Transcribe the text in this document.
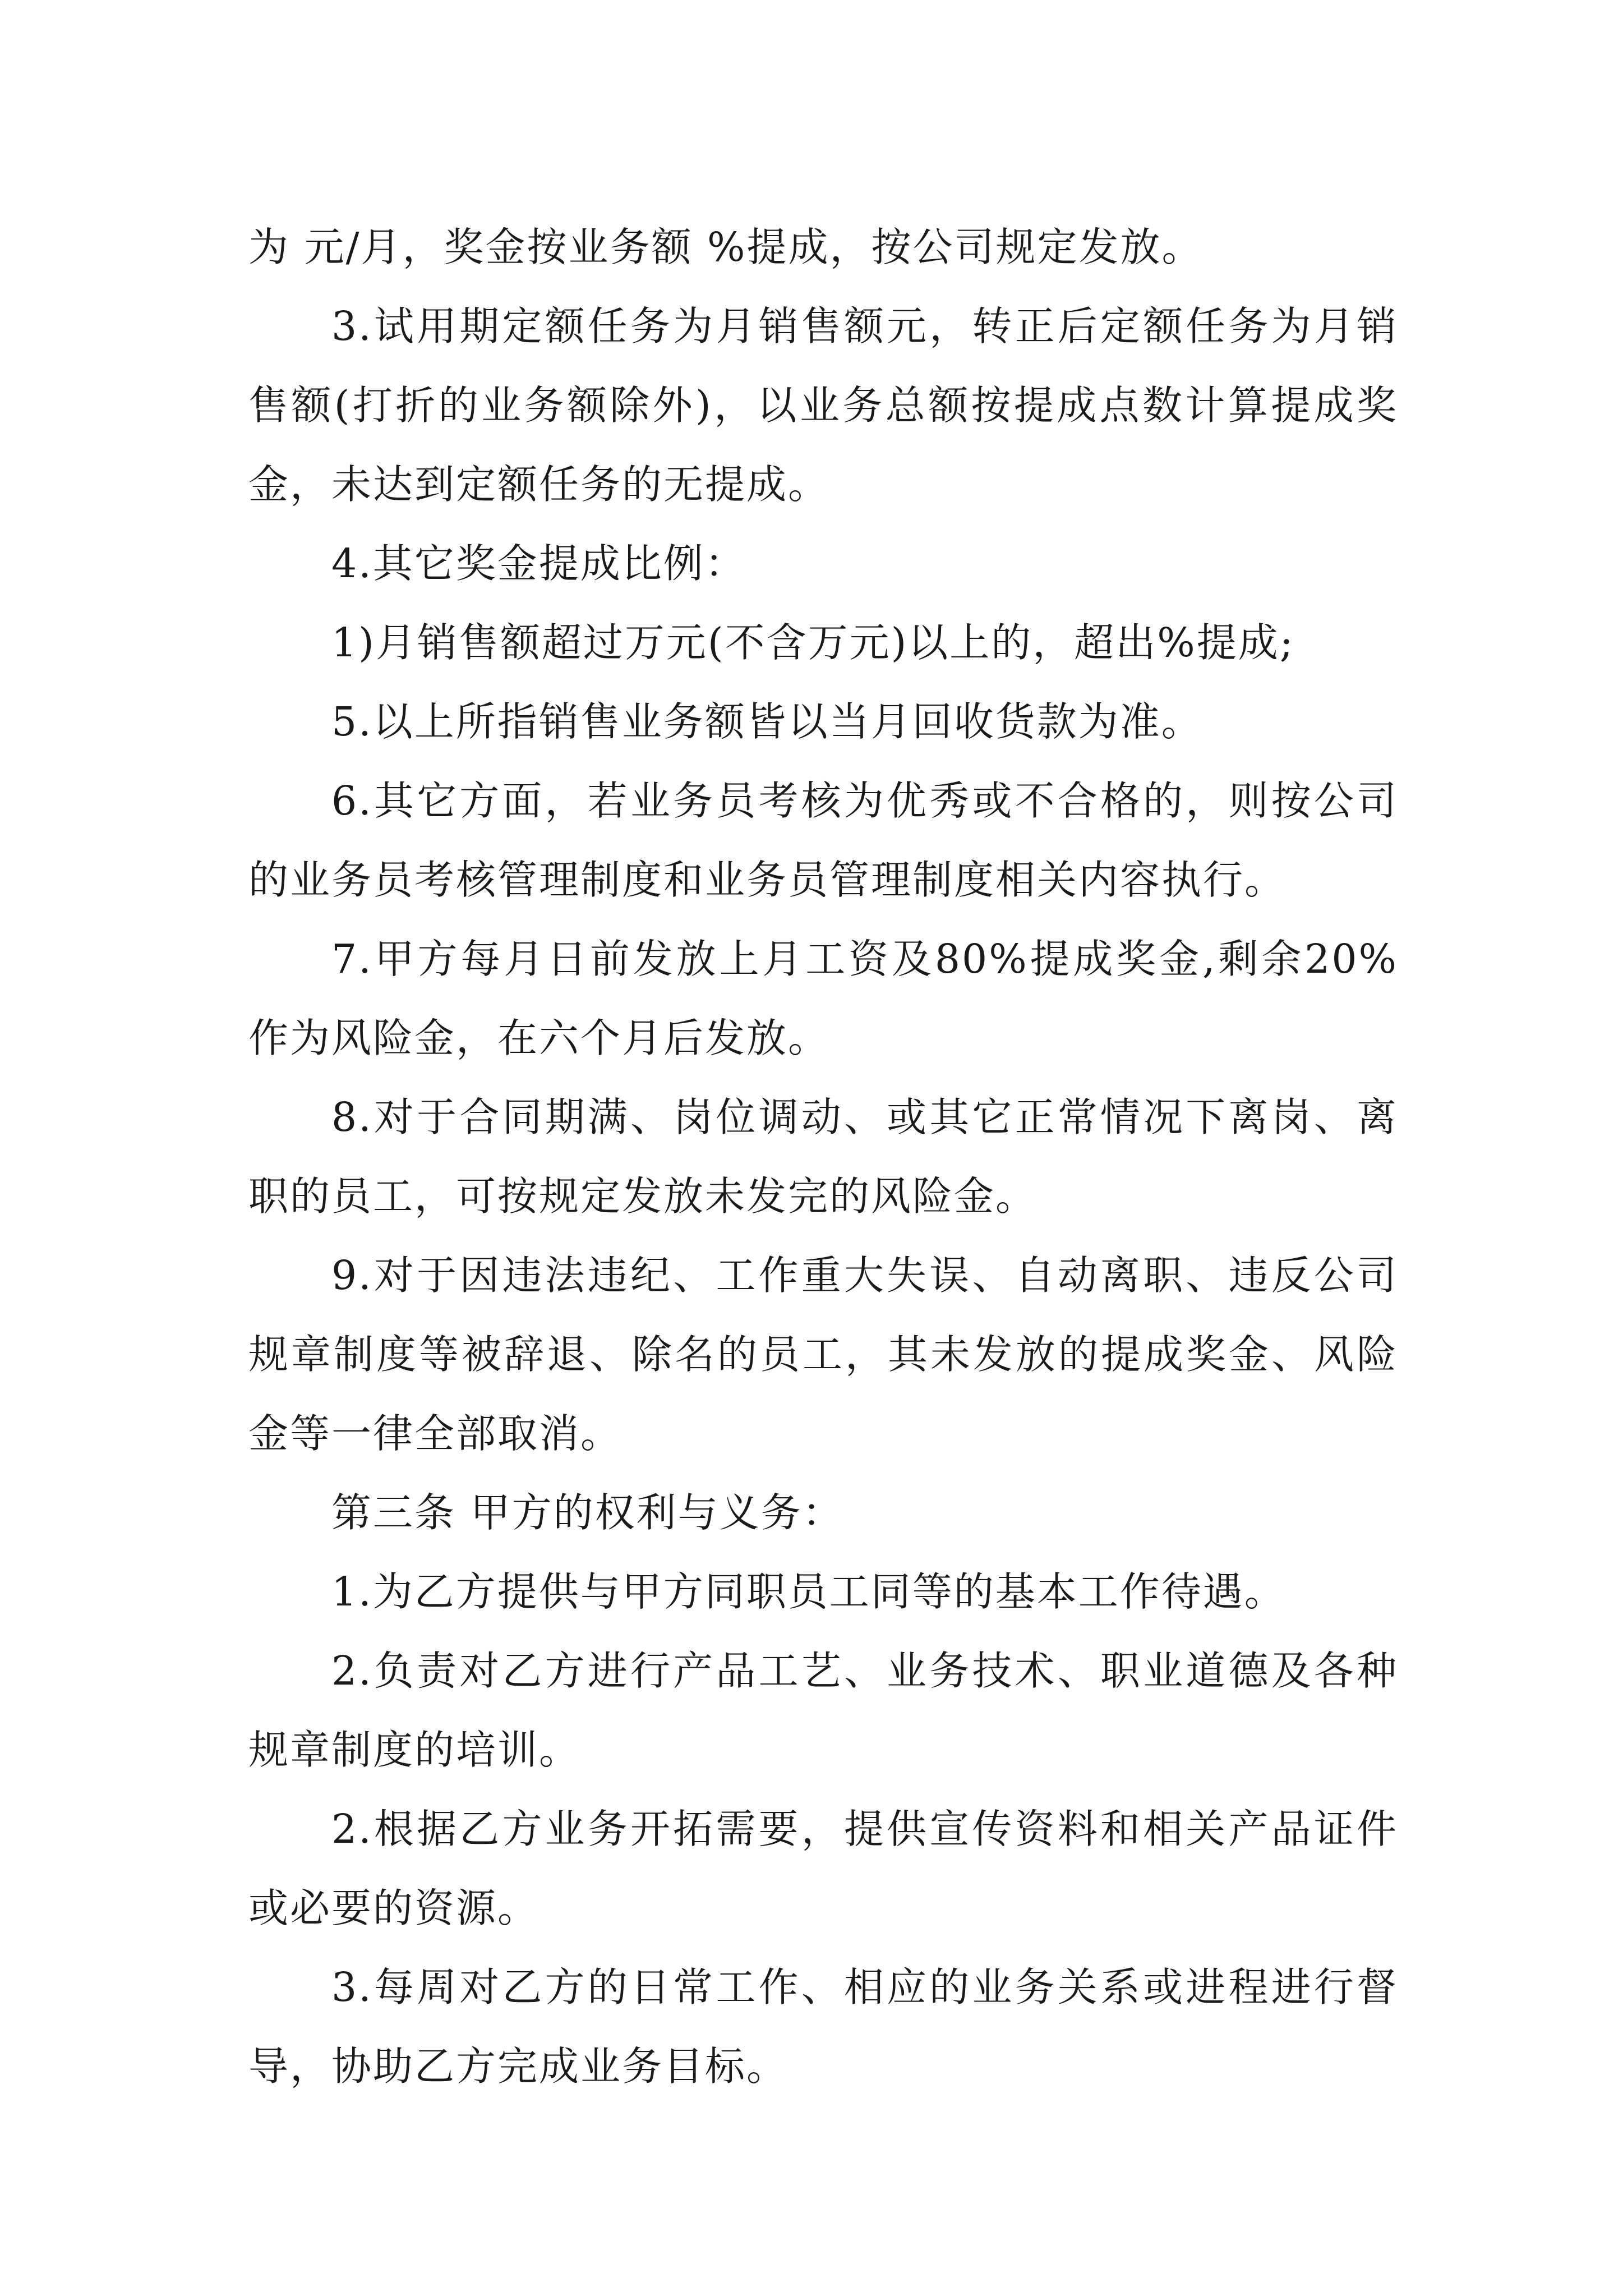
为 元/月，奖金按业务额 %提成，按公司规定发放。

3.试用期定额任务为月销售额元，转正后定额任务为月销售额(打折的业务额除外)，以业务总额按提成点数计算提成奖金，未达到定额任务的无提成。

4.其它奖金提成比例：

1)月销售额超过万元(不含万元)以上的，超出%提成;

5.以上所指销售业务额皆以当月回收货款为准。

6.其它方面，若业务员考核为优秀或不合格的，则按公司的业务员考核管理制度和业务员管理制度相关内容执行。

7.甲方每月日前发放上月工资及80%提成奖金,剩余20%作为风险金，在六个月后发放。

8.对于合同期满、岗位调动、或其它正常情况下离岗、离职的员工，可按规定发放未发完的风险金。

9.对于因违法违纪、工作重大失误、自动离职、违反公司规章制度等被辞退、除名的员工，其未发放的提成奖金、风险金等一律全部取消。

第三条 甲方的权利与义务：

1.为乙方提供与甲方同职员工同等的基本工作待遇。

2.负责对乙方进行产品工艺、业务技术、职业道德及各种规章制度的培训。

2.根据乙方业务开拓需要，提供宣传资料和相关产品证件或必要的资源。

3.每周对乙方的日常工作、相应的业务关系或进程进行督导，协助乙方完成业务目标。
